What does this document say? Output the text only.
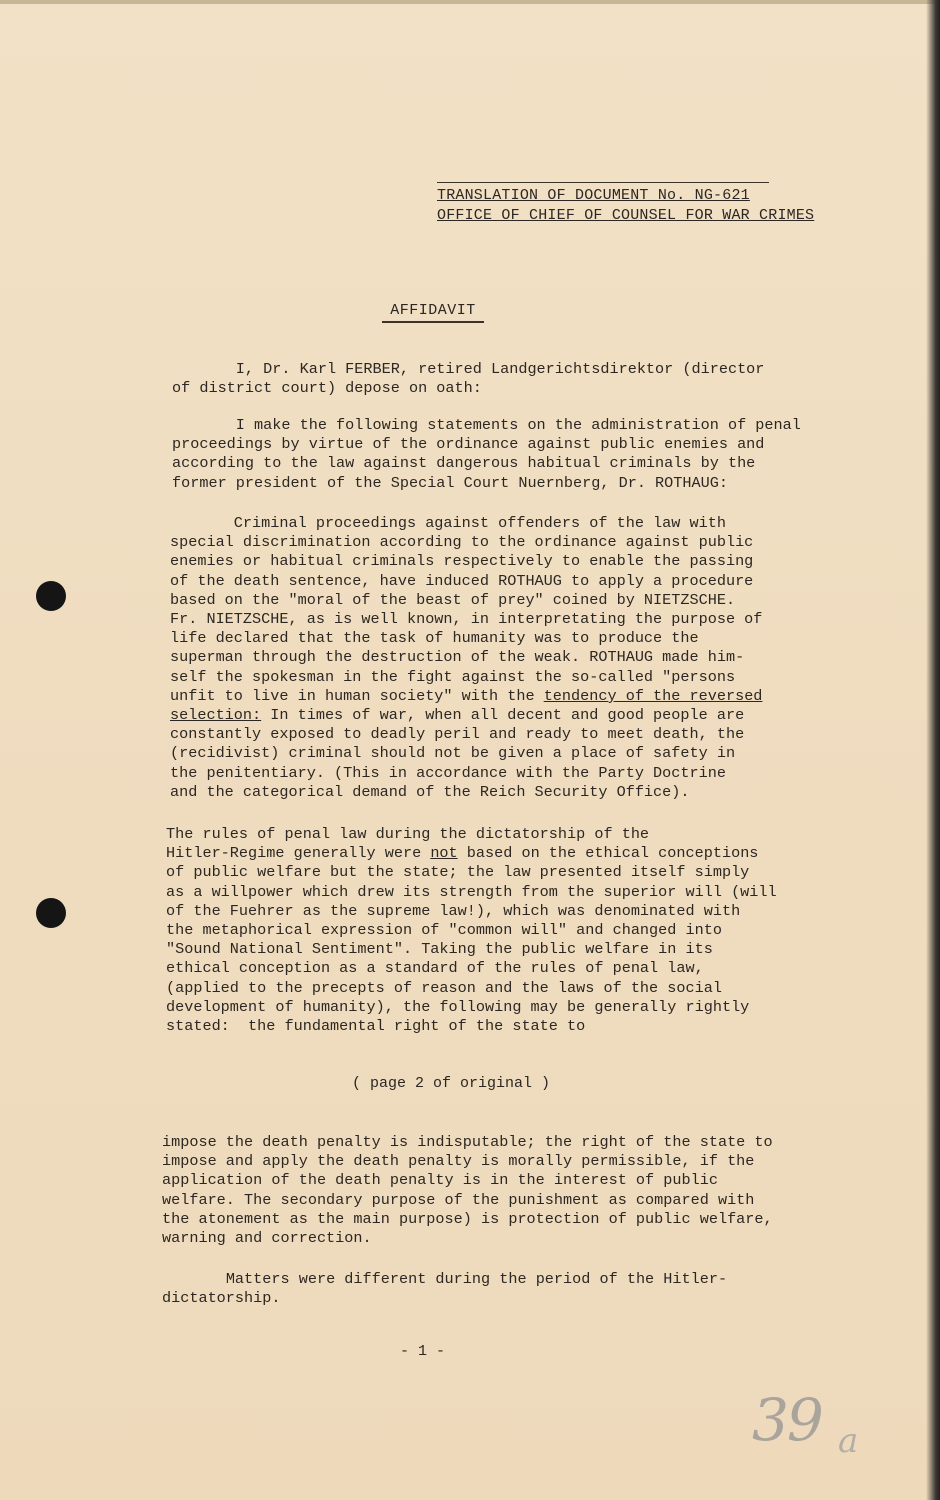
TRANSLATION OF DOCUMENT No. NG-621
OFFICE OF CHIEF OF COUNSEL FOR WAR CRIMES
AFFIDAVIT

I, Dr. Karl FERBER, retired Landgerichtsdirektor (director
of district court) depose on oath:

I make the following statements on the administration of penal
proceedings by virtue of the ordinance against public enemies and
according to the law against dangerous habitual criminals by the
former president of the Special Court Nuernberg, Dr. ROTHAUG:

Criminal proceedings against offenders of the law with
special discrimination according to the ordinance against public
enemies or habitual criminals respectively to enable the passing
of the death sentence, have induced ROTHAUG to apply a procedure
based on the "moral of the beast of prey" coined by NIETZSCHE.
Fr. NIETZSCHE, as is well known, in interpretating the purpose of
life declared that the task of humanity was to produce the
superman through the destruction of the weak. ROTHAUG made him-
self the spokesman in the fight against the so-called "persons
unfit to live in human society" with the tendency of the reversed
selection: In times of war, when all decent and good people are
constantly exposed to deadly peril and ready to meet death, the
(recidivist) criminal should not be given a place of safety in
the penitentiary. (This in accordance with the Party Doctrine
and the categorical demand of the Reich Security Office).

The rules of penal law during the dictatorship of the
Hitler-Regime generally were not based on the ethical conceptions
of public welfare but the state; the law presented itself simply
as a willpower which drew its strength from the superior will (will
of the Fuehrer as the supreme law!), which was denominated with
the metaphorical expression of "common will" and changed into
"Sound National Sentiment". Taking the public welfare in its
ethical conception as a standard of the rules of penal law,
(applied to the precepts of reason and the laws of the social
development of humanity), the following may be generally rightly
stated:  the fundamental right of the state to

( page 2 of original )

impose the death penalty is indisputable; the right of the state to
impose and apply the death penalty is morally permissible, if the
application of the death penalty is in the interest of public
welfare. The secondary purpose of the punishment as compared with
the atonement as the main purpose) is protection of public welfare,
warning and correction.

Matters were different during the period of the Hitler-
dictatorship.

- 1 -
39 a
